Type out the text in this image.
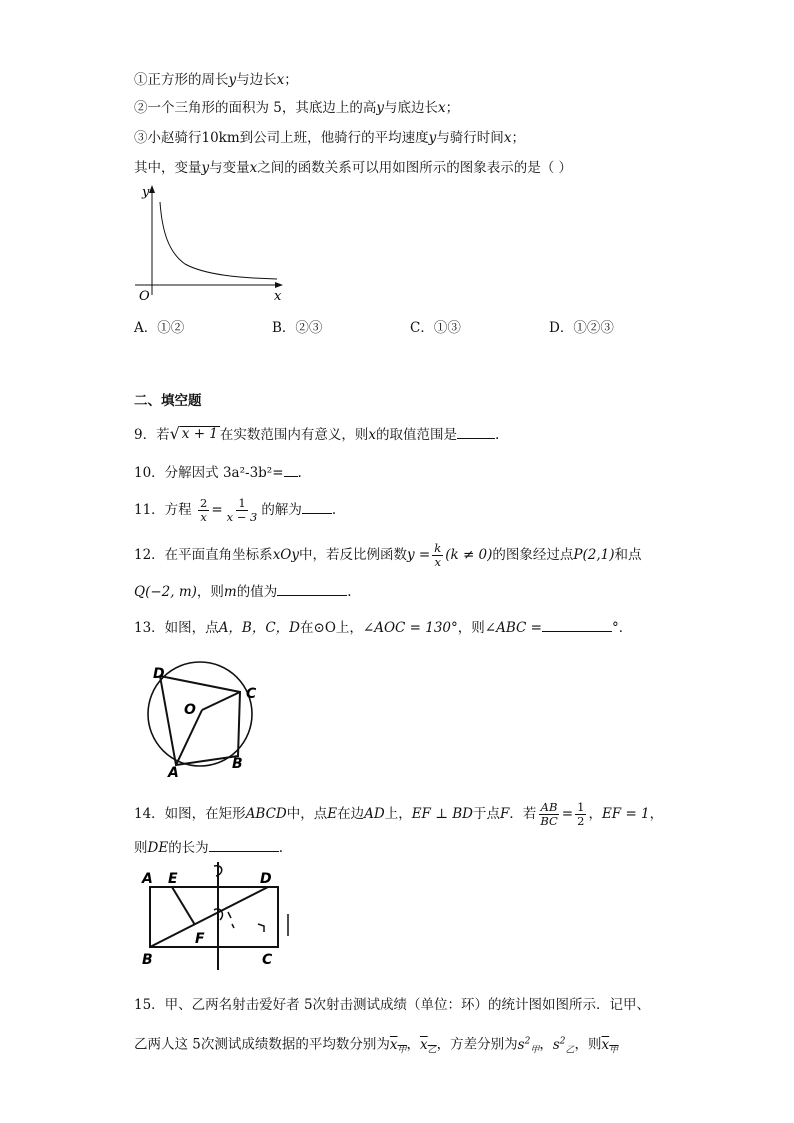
①正方形的周长y与边长x；
②一个三角形的面积为 5，其底边上的高y与底边长x；
③小赵骑行10km到公司上班，他骑行的平均速度y与骑行时间x；
其中，变量y与变量x之间的函数关系可以用如图所示的图象表示的是（ ）
y
x
O
A．①②	B．②③	C．①③	D．①②③
二、填空题
9．若 √ x + 1 在实数范围内有意义，则x的取值范围是	.
10．分解因式 3a²-3b²= .
11．方程 $\frac{2}{x} = \frac{1}{x - 3}$ 的解为 .
12．在平面直角坐标系xOy中，若反比例函数$y = \frac{k}{x} (k \ne 0)$的图象经过点P(2,1)和点
Q(−2, m)，则m的值为	.
13．如图，点A，B，C，D在⊙O上，∠AOC = 130°，则∠ABC =	°．
D
C
O
A
B
14．如图，在矩形ABCD中，点E在边AD上，EF ⊥ BD于点F．若 $\frac{AB}{BC} = \frac{1}{2}$ ，EF = 1，
则DE的长为	.
A E	D
F
B	C
15．甲、乙两名射击爱好者 5次射击测试成绩（单位：环）的统计图如图所示．记甲、
乙两人这 5次测试成绩数据的平均数分别为$x_甲$，$x_乙$，方差分别为$s^2_甲$，$s^2_乙$，则$x_甲$
